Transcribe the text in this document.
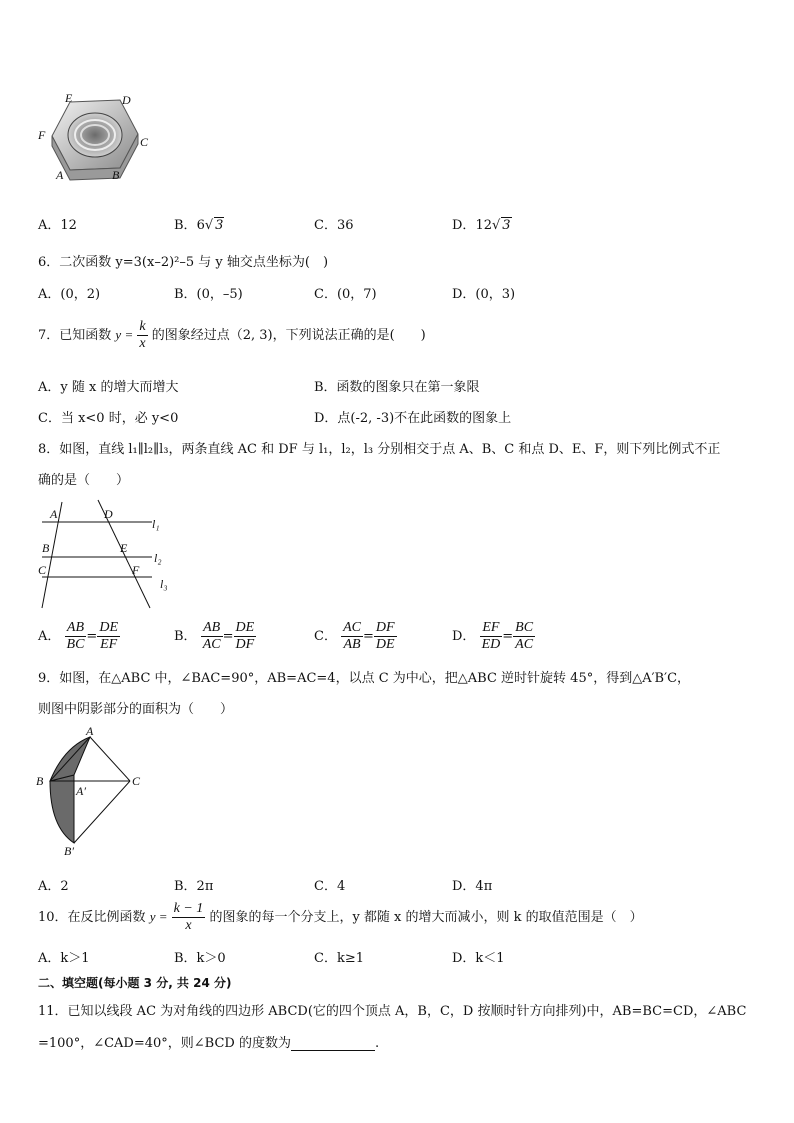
E	D
F	C
A	B
A．12	B．6√ 3	C．36	D．12√ 3
6．二次函数 y=3(x–2)²–5 与 y 轴交点坐标为(　)
A．(0，2)	B．(0，–5)	C．(0，7)	D．(0，3)
7．已知函数 $y = \frac{k}{x}$ 的图象经过点（2, 3)，下列说法正确的是(　　)
A．y 随 x 的增大而增大	B．函数的图象只在第一象限
C．当 x<0 时，必 y<0	D．点(-2, -3)不在此函数的图象上
8．如图，直线 l₁∥l₂∥l₃，两条直线 AC 和 DF 与 l₁，l₂，l₃ 分别相交于点 A、B、C 和点 D、E、F，则下列比例式不正
确的是（　　）
A	D
l₁
B	E
l₂
C	F
l₃
A． $\frac{AB}{BC} = \frac{DE}{EF}$	B． $\frac{AB}{AC} = \frac{DE}{DF}$	C． $\frac{AC}{AB} = \frac{DF}{DE}$	D． $\frac{EF}{ED} = \frac{BC}{AC}$
9．如图，在△ABC 中，∠BAC=90°，AB=AC=4，以点 C 为中心，把△ABC 逆时针旋转 45°，得到△A′B′C，
则图中阴影部分的面积为（　　）
A
B	C
A′
B′
A．2	B．2π	C．4	D．4π
10．在反比例函数 $y = \frac{k - 1}{x}$ 的图象的每一个分支上，y 都随 x 的增大而减小，则 k 的取值范围是（　）
A．k＞1	B．k＞0	C．k≥1	D．k＜1
二、填空题(每小题 3 分, 共 24 分)
11．已知以线段 AC 为对角线的四边形 ABCD(它的四个顶点 A，B，C，D 按顺时针方向排列)中，AB=BC=CD，∠ABC
=100°，∠CAD=40°，则∠BCD 的度数为	.
